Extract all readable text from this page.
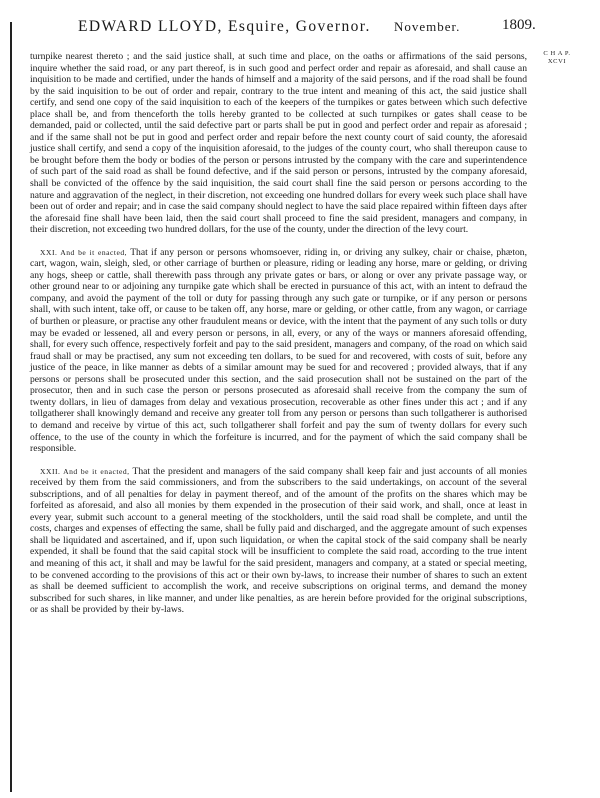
EDWARD LLOYD, Esquire, Governor. November.	1809.
C H A P.
XCVI

turnpike nearest thereto ; and the said justice shall, at such time and place, on the oaths or affirmations of the said persons, inquire whether the said road, or any part thereof, is in such good and perfect order and repair as aforesaid, and shall cause an inquisition to be made and certified, under the hands of himself and a majority of the said persons, and if the road shall be found by the said inquisition to be out of order and repair, contrary to the true intent and meaning of this act, the said justice shall certify, and send one copy of the said inquisition to each of the keepers of the turnpikes or gates between which such defective place shall be, and from thenceforth the tolls hereby granted to be collected at such turnpikes or gates shall cease to be demanded, paid or collected, until the said defective part or parts shall be put in good and perfect order and repair as aforesaid ; and if the same shall not be put in good and perfect order and repair before the next county court of said county, the aforesaid justice shall certify, and send a copy of the inquisition aforesaid, to the judges of the county court, who shall thereupon cause to be brought before them the body or bodies of the person or persons intrusted by the company with the care and superintendence of such part of the said road as shall be found defective, and if the said person or persons, intrusted by the company aforesaid, shall be convicted of the offence by the said inquisition, the said court shall fine the said person or persons according to the nature and aggravation of the neglect, in their discretion, not exceeding one hundred dollars for every week such place shall have been out of order and repair; and in case the said company should neglect to have the said place repaired within fifteen days after the aforesaid fine shall have been laid, then the said court shall proceed to fine the said president, managers and company, in their discretion, not exceeding two hundred dollars, for the use of the county, under the direction of the levy court.

XXI. And be it enacted, That if any person or persons whomsoever, riding in, or driving any sulkey, chair or chaise, phæton, cart, wagon, wain, sleigh, sled, or other carriage of burthen or pleasure, riding or leading any horse, mare or gelding, or driving any hogs, sheep or cattle, shall therewith pass through any private gates or bars, or along or over any private passage way, or other ground near to or adjoining any turnpike gate which shall be erected in pursuance of this act, with an intent to defraud the company, and avoid the payment of the toll or duty for passing through any such gate or turnpike, or if any person or persons shall, with such intent, take off, or cause to be taken off, any horse, mare or gelding, or other cattle, from any wagon, or carriage of burthen or pleasure, or practise any other fraudulent means or device, with the intent that the payment of any such tolls or duty may be evaded or lessened, all and every person or persons, in all, every, or any of the ways or manners aforesaid offending, shall, for every such offence, respectively forfeit and pay to the said president, managers and company, of the road on which said fraud shall or may be practised, any sum not exceeding ten dollars, to be sued for and recovered, with costs of suit, before any justice of the peace, in like manner as debts of a similar amount may be sued for and recovered ; provided always, that if any persons or persons shall be prosecuted under this section, and the said prosecution shall not be sustained on the part of the prosecutor, then and in such case the person or persons prosecuted as aforesaid shall receive from the company the sum of twenty dollars, in lieu of damages from delay and vexatious prosecution, recoverable as other fines under this act ; and if any tollgatherer shall knowingly demand and receive any greater toll from any person or persons than such tollgatherer is authorised to demand and receive by virtue of this act, such tollgatherer shall forfeit and pay the sum of twenty dollars for every such offence, to the use of the county in which the forfeiture is incurred, and for the payment of which the said company shall be responsible.

XXII. And be it enacted, That the president and managers of the said company shall keep fair and just accounts of all monies received by them from the said commissioners, and from the subscribers to the said undertakings, on account of the several subscriptions, and of all penalties for delay in payment thereof, and of the amount of the profits on the shares which may be forfeited as aforesaid, and also all monies by them expended in the prosecution of their said work, and shall, once at least in every year, submit such account to a general meeting of the stockholders, until the said road shall be complete, and until the costs, charges and expenses of effecting the same, shall be fully paid and discharged, and the aggregate amount of such expenses shall be liquidated and ascertained, and if, upon such liquidation, or when the capital stock of the said company shall be nearly expended, it shall be found that the said capital stock will be insufficient to complete the said road, according to the true intent and meaning of this act, it shall and may be lawful for the said president, managers and company, at a stated or special meeting, to be convened according to the provisions of this act or their own by-laws, to increase their number of shares to such an extent as shall be deemed sufficient to accomplish the work, and receive subscriptions on original terms, and demand the money subscribed for such shares, in like manner, and under like penalties, as are herein before provided for the original subscriptions, or as shall be provided by their by-laws.
